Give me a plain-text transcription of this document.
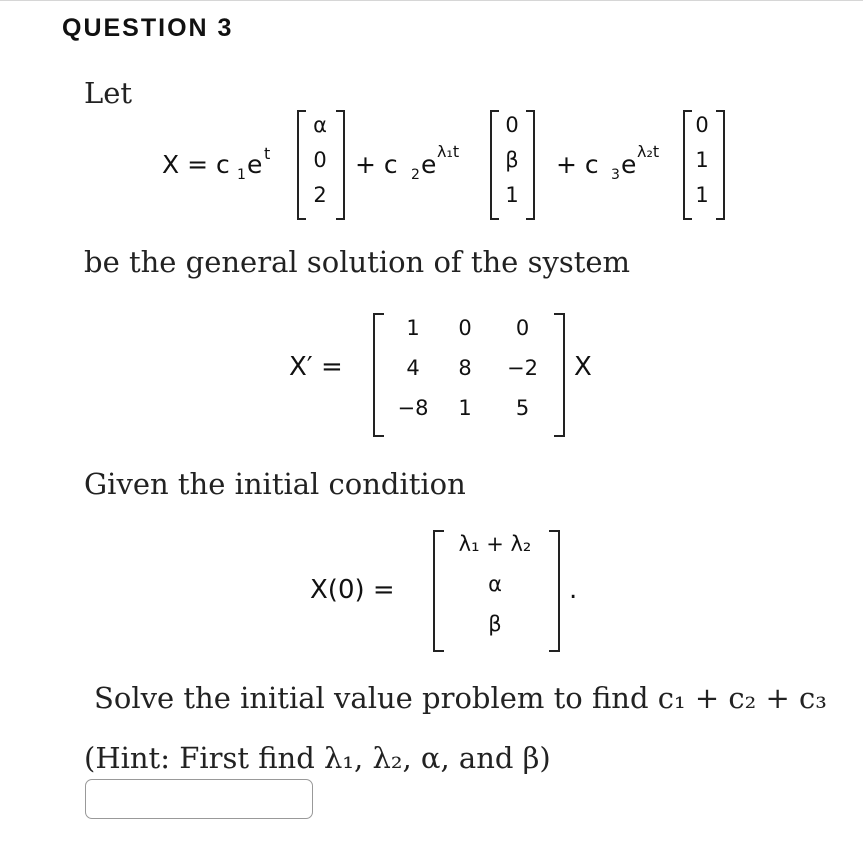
QUESTION 3
Let
X = c 1 e t
α
0
2
+ c 2 e λ₁t
0
β
1
+ c 3 e λ₂t
0
1
1
be the general solution of the system
X′ =
1	0	0
4	8	−2
−8	1	5
X
Given the initial condition
X(0) =
λ₁ + λ₂
α
β
.
Solve the initial value problem to find c₁ + c₂ + c₃
(Hint: First find λ₁, λ₂, α, and β)
